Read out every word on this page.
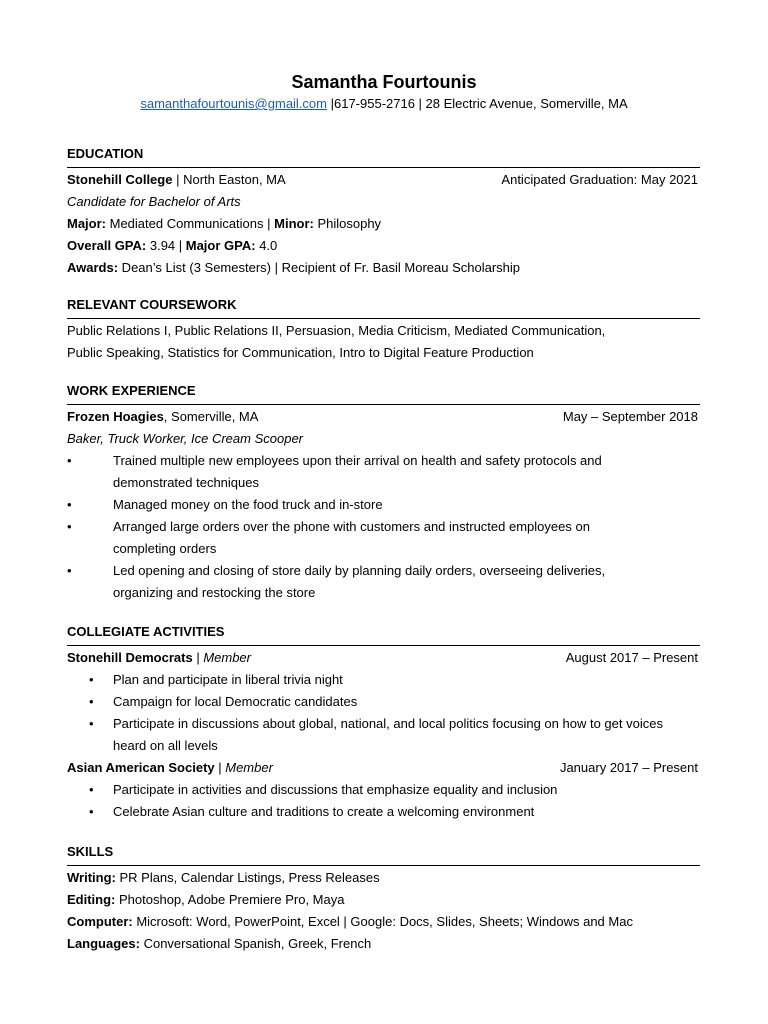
Samantha Fourtounis
samanthafourtounis@gmail.com |617-955-2716 | 28 Electric Avenue, Somerville, MA
EDUCATION
Stonehill College | North Easton, MA	Anticipated Graduation: May 2021
Candidate for Bachelor of Arts
Major: Mediated Communications | Minor: Philosophy
Overall GPA: 3.94 | Major GPA: 4.0
Awards: Dean’s List (3 Semesters) | Recipient of Fr. Basil Moreau Scholarship
RELEVANT COURSEWORK
Public Relations I, Public Relations II, Persuasion, Media Criticism, Mediated Communication,
Public Speaking, Statistics for Communication, Intro to Digital Feature Production
WORK EXPERIENCE
Frozen Hoagies, Somerville, MA	May – September 2018
Baker, Truck Worker, Ice Cream Scooper
•	Trained multiple new employees upon their arrival on health and safety protocols and
demonstrated techniques
•	Managed money on the food truck and in-store
•	Arranged large orders over the phone with customers and instructed employees on
completing orders
•	Led opening and closing of store daily by planning daily orders, overseeing deliveries,
organizing and restocking the store
COLLEGIATE ACTIVITIES
Stonehill Democrats | Member	August 2017 – Present
• Plan and participate in liberal trivia night
• Campaign for local Democratic candidates
• Participate in discussions about global, national, and local politics focusing on how to get voices
heard on all levels
Asian American Society | Member	January 2017 – Present
• Participate in activities and discussions that emphasize equality and inclusion
• Celebrate Asian culture and traditions to create a welcoming environment
SKILLS
Writing: PR Plans, Calendar Listings, Press Releases
Editing: Photoshop, Adobe Premiere Pro, Maya
Computer: Microsoft: Word, PowerPoint, Excel | Google: Docs, Slides, Sheets; Windows and Mac
Languages: Conversational Spanish, Greek, French
